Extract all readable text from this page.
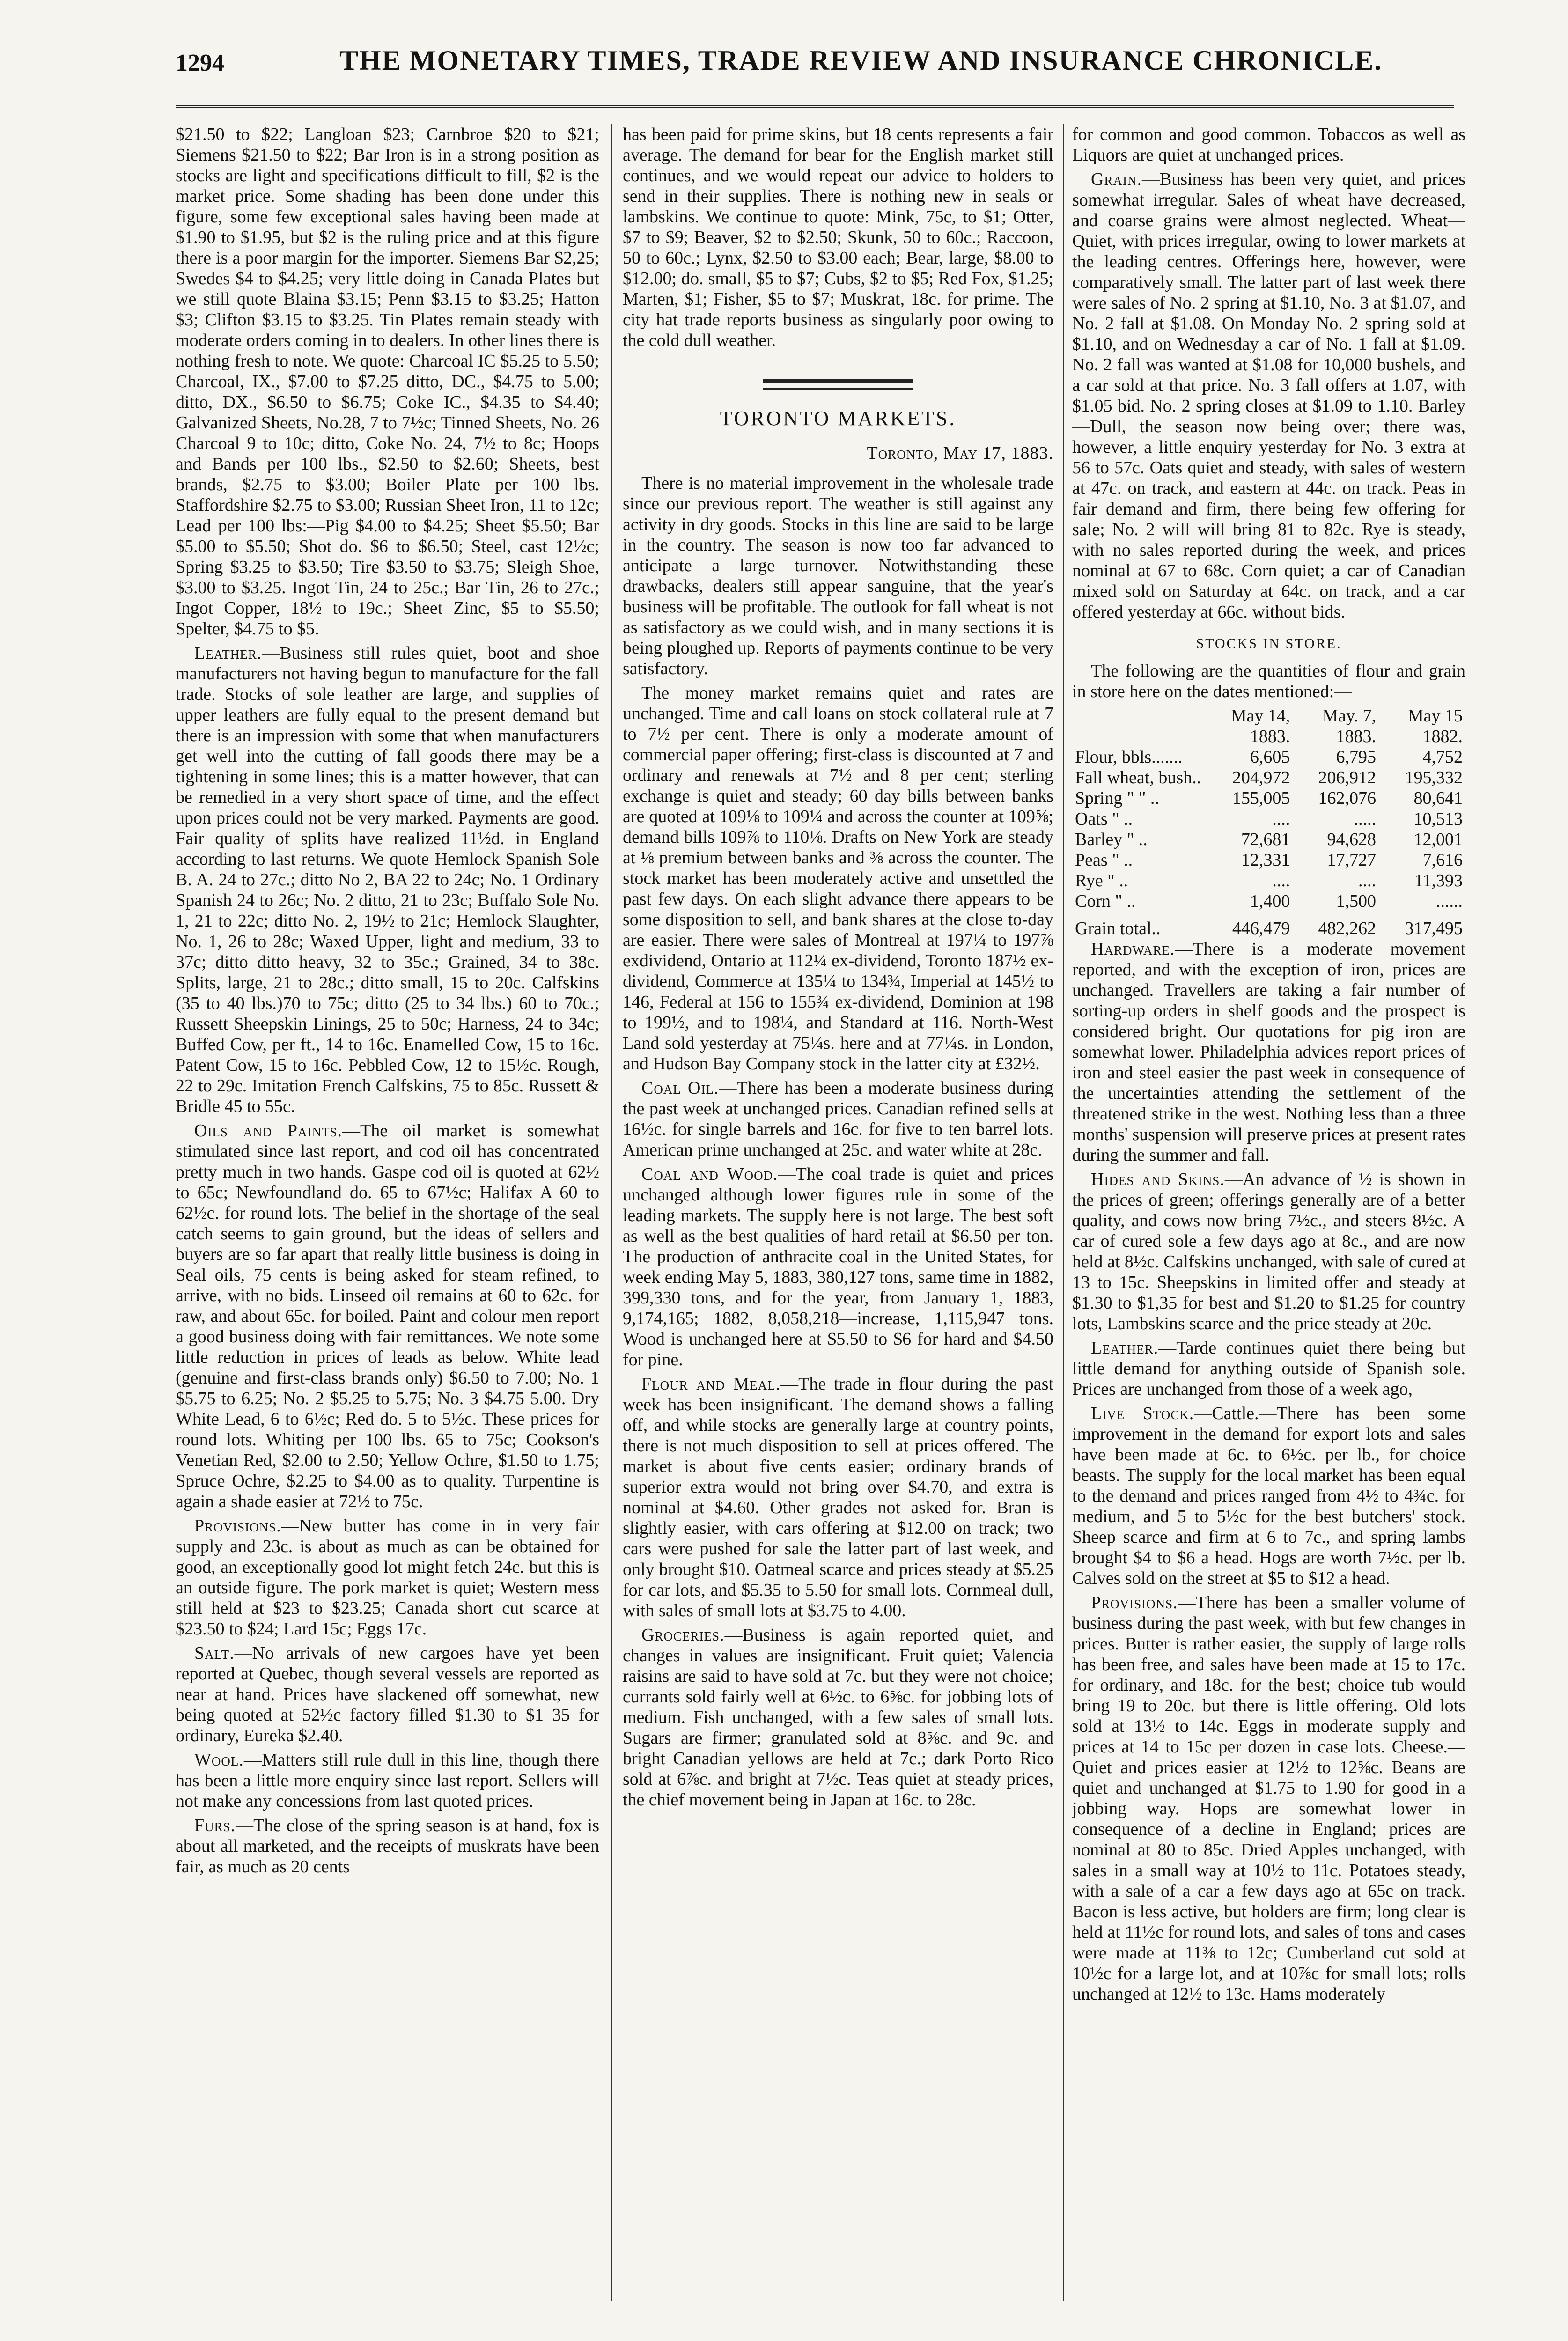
1294	THE MONETARY TIMES, TRADE REVIEW AND INSURANCE CHRONICLE.

$21.50 to $22; Langloan $23; Carnbroe $20 to $21; Siemens $21.50 to $22; Bar Iron is in a strong position as stocks are light and specifications difficult to fill, $2 is the market price. Some shading has been done under this figure, some few exceptional sales having been made at $1.90 to $1.95, but $2 is the ruling price and at this figure there is a poor margin for the importer. Siemens Bar $2,25; Swedes $4 to $4.25; very little doing in Canada Plates but we still quote Blaina $3.15; Penn $3.15 to $3.25; Hatton $3; Clifton $3.15 to $3.25. Tin Plates remain steady with moderate orders coming in to dealers. In other lines there is nothing fresh to note. We quote: Charcoal IC $5.25 to 5.50; Charcoal, IX., $7.00 to $7.25 ditto, DC., $4.75 to 5.00; ditto, DX., $6.50 to $6.75; Coke IC., $4.35 to $4.40; Galvanized Sheets, No.28, 7 to 7½c; Tinned Sheets, No. 26 Charcoal 9 to 10c; ditto, Coke No. 24, 7½ to 8c; Hoops and Bands per 100 lbs., $2.50 to $2.60; Sheets, best brands, $2.75 to $3.00; Boiler Plate per 100 lbs. Staffordshire $2.75 to $3.00; Russian Sheet Iron, 11 to 12c; Lead per 100 lbs:—Pig $4.00 to $4.25; Sheet $5.50; Bar $5.00 to $5.50; Shot do. $6 to $6.50; Steel, cast 12½c; Spring $3.25 to $3.50; Tire $3.50 to $3.75; Sleigh Shoe, $3.00 to $3.25. Ingot Tin, 24 to 25c.; Bar Tin, 26 to 27c.; Ingot Copper, 18½ to 19c.; Sheet Zinc, $5 to $5.50; Spelter, $4.75 to $5.

Leather.—Business still rules quiet, boot and shoe manufacturers not having begun to manufacture for the fall trade. Stocks of sole leather are large, and supplies of upper leathers are fully equal to the present demand but there is an impression with some that when manufacturers get well into the cutting of fall goods there may be a tightening in some lines; this is a matter however, that can be remedied in a very short space of time, and the effect upon prices could not be very marked. Payments are good. Fair quality of splits have realized 11½d. in England according to last returns. We quote Hemlock Spanish Sole B. A. 24 to 27c.; ditto No 2, BA 22 to 24c; No. 1 Ordinary Spanish 24 to 26c; No. 2 ditto, 21 to 23c; Buffalo Sole No. 1, 21 to 22c; ditto No. 2, 19½ to 21c; Hemlock Slaughter, No. 1, 26 to 28c; Waxed Upper, light and medium, 33 to 37c; ditto ditto heavy, 32 to 35c.; Grained, 34 to 38c. Splits, large, 21 to 28c.; ditto small, 15 to 20c. Calfskins (35 to 40 lbs.)70 to 75c; ditto (25 to 34 lbs.) 60 to 70c.; Russett Sheepskin Linings, 25 to 50c; Harness, 24 to 34c; Buffed Cow, per ft., 14 to 16c. Enamelled Cow, 15 to 16c. Patent Cow, 15 to 16c. Pebbled Cow, 12 to 15½c. Rough, 22 to 29c. Imitation French Calfskins, 75 to 85c. Russett & Bridle 45 to 55c.

Oils and Paints.—The oil market is somewhat stimulated since last report, and cod oil has concentrated pretty much in two hands. Gaspe cod oil is quoted at 62½ to 65c; Newfoundland do. 65 to 67½c; Halifax A 60 to 62½c. for round lots. The belief in the shortage of the seal catch seems to gain ground, but the ideas of sellers and buyers are so far apart that really little business is doing in Seal oils, 75 cents is being asked for steam refined, to arrive, with no bids. Linseed oil remains at 60 to 62c. for raw, and about 65c. for boiled. Paint and colour men report a good business doing with fair remittances. We note some little reduction in prices of leads as below. White lead (genuine and first-class brands only) $6.50 to 7.00; No. 1 $5.75 to 6.25; No. 2 $5.25 to 5.75; No. 3 $4.75 5.00. Dry White Lead, 6 to 6½c; Red do. 5 to 5½c. These prices for round lots. Whiting per 100 lbs. 65 to 75c; Cookson's Venetian Red, $2.00 to 2.50; Yellow Ochre, $1.50 to 1.75; Spruce Ochre, $2.25 to $4.00 as to quality. Turpentine is again a shade easier at 72½ to 75c.

Provisions.—New butter has come in in very fair supply and 23c. is about as much as can be obtained for good, an exceptionally good lot might fetch 24c. but this is an outside figure. The pork market is quiet; Western mess still held at $23 to $23.25; Canada short cut scarce at $23.50 to $24; Lard 15c; Eggs 17c.

Salt.—No arrivals of new cargoes have yet been reported at Quebec, though several vessels are reported as near at hand. Prices have slackened off somewhat, new being quoted at 52½c factory filled $1.30 to $1 35 for ordinary, Eureka $2.40.

Wool.—Matters still rule dull in this line, though there has been a little more enquiry since last report. Sellers will not make any concessions from last quoted prices.

Furs.—The close of the spring season is at hand, fox is about all marketed, and the receipts of muskrats have been fair, as much as 20 cents

has been paid for prime skins, but 18 cents represents a fair average. The demand for bear for the English market still continues, and we would repeat our advice to holders to send in their supplies. There is nothing new in seals or lambskins. We continue to quote: Mink, 75c, to $1; Otter, $7 to $9; Beaver, $2 to $2.50; Skunk, 50 to 60c.; Raccoon, 50 to 60c.; Lynx, $2.50 to $3.00 each; Bear, large, $8.00 to $12.00; do. small, $5 to $7; Cubs, $2 to $5; Red Fox, $1.25; Marten, $1; Fisher, $5 to $7; Muskrat, 18c. for prime. The city hat trade reports business as singularly poor owing to the cold dull weather.

TORONTO MARKETS.
Toronto, May 17, 1883.

There is no material improvement in the wholesale trade since our previous report. The weather is still against any activity in dry goods. Stocks in this line are said to be large in the country. The season is now too far advanced to anticipate a large turnover. Notwithstanding these drawbacks, dealers still appear sanguine, that the year's business will be profitable. The outlook for fall wheat is not as satisfactory as we could wish, and in many sections it is being ploughed up. Reports of payments continue to be very satisfactory.

The money market remains quiet and rates are unchanged. Time and call loans on stock collateral rule at 7 to 7½ per cent. There is only a moderate amount of commercial paper offering; first-class is discounted at 7 and ordinary and renewals at 7½ and 8 per cent; sterling exchange is quiet and steady; 60 day bills between banks are quoted at 109⅛ to 109¼ and across the counter at 109⅝; demand bills 109⅞ to 110⅛. Drafts on New York are steady at ⅛ premium between banks and ⅜ across the counter. The stock market has been moderately active and unsettled the past few days. On each slight advance there appears to be some disposition to sell, and bank shares at the close to-day are easier. There were sales of Montreal at 197¼ to 197⅞ exdividend, Ontario at 112¼ ex-dividend, Toronto 187½ ex-dividend, Commerce at 135¼ to 134¾, Imperial at 145½ to 146, Federal at 156 to 155¾ ex-dividend, Dominion at 198 to 199½, and to 198¼, and Standard at 116. North-West Land sold yesterday at 75¼s. here and at 77¼s. in London, and Hudson Bay Company stock in the latter city at £32½.

Coal Oil.—There has been a moderate business during the past week at unchanged prices. Canadian refined sells at 16½c. for single barrels and 16c. for five to ten barrel lots. American prime unchanged at 25c. and water white at 28c.

Coal and Wood.—The coal trade is quiet and prices unchanged although lower figures rule in some of the leading markets. The supply here is not large. The best soft as well as the best qualities of hard retail at $6.50 per ton. The production of anthracite coal in the United States, for week ending May 5, 1883, 380,127 tons, same time in 1882, 399,330 tons, and for the year, from January 1, 1883, 9,174,165; 1882, 8,058,218—increase, 1,115,947 tons. Wood is unchanged here at $5.50 to $6 for hard and $4.50 for pine.

Flour and Meal.—The trade in flour during the past week has been insignificant. The demand shows a falling off, and while stocks are generally large at country points, there is not much disposition to sell at prices offered. The market is about five cents easier; ordinary brands of superior extra would not bring over $4.70, and extra is nominal at $4.60. Other grades not asked for. Bran is slightly easier, with cars offering at $12.00 on track; two cars were pushed for sale the latter part of last week, and only brought $10. Oatmeal scarce and prices steady at $5.25 for car lots, and $5.35 to 5.50 for small lots. Cornmeal dull, with sales of small lots at $3.75 to 4.00.

Groceries.—Business is again reported quiet, and changes in values are insignificant. Fruit quiet; Valencia raisins are said to have sold at 7c. but they were not choice; currants sold fairly well at 6½c. to 6⅝c. for jobbing lots of medium. Fish unchanged, with a few sales of small lots. Sugars are firmer; granulated sold at 8⅝c. and 9c. and bright Canadian yellows are held at 7c.; dark Porto Rico sold at 6⅞c. and bright at 7½c. Teas quiet at steady prices, the chief movement being in Japan at 16c. to 28c.

for common and good common. Tobaccos as well as Liquors are quiet at unchanged prices.

Grain.—Business has been very quiet, and prices somewhat irregular. Sales of wheat have decreased, and coarse grains were almost neglected. Wheat—Quiet, with prices irregular, owing to lower markets at the leading centres. Offerings here, however, were comparatively small. The latter part of last week there were sales of No. 2 spring at $1.10, No. 3 at $1.07, and No. 2 fall at $1.08. On Monday No. 2 spring sold at $1.10, and on Wednesday a car of No. 1 fall at $1.09. No. 2 fall was wanted at $1.08 for 10,000 bushels, and a car sold at that price. No. 3 fall offers at 1.07, with $1.05 bid. No. 2 spring closes at $1.09 to 1.10. Barley—Dull, the season now being over; there was, however, a little enquiry yesterday for No. 3 extra at 56 to 57c. Oats quiet and steady, with sales of western at 47c. on track, and eastern at 44c. on track. Peas in fair demand and firm, there being few offering for sale; No. 2 will will bring 81 to 82c. Rye is steady, with no sales reported during the week, and prices nominal at 67 to 68c. Corn quiet; a car of Canadian mixed sold on Saturday at 64c. on track, and a car offered yesterday at 66c. without bids.

STOCKS IN STORE.

The following are the quantities of flour and grain in store here on the dates mentioned:—

	May 14, 1883.	May. 7, 1883.	May 15 1882.
Flour, bbls.......	6,605	6,795	4,752
Fall wheat, bush..	204,972	206,912	195,332
Spring " " ..	155,005	162,076	80,641
Oats " ..	....	.....	10,513
Barley " ..	72,681	94,628	12,001
Peas " ..	12,331	17,727	7,616
Rye " ..	....	....	11,393
Corn " ..	1,400	1,500	......
Grain total..	446,479	482,262	317,495

Hardware.—There is a moderate movement reported, and with the exception of iron, prices are unchanged. Travellers are taking a fair number of sorting-up orders in shelf goods and the prospect is considered bright. Our quotations for pig iron are somewhat lower. Philadelphia advices report prices of iron and steel easier the past week in consequence of the uncertainties attending the settlement of the threatened strike in the west. Nothing less than a three months' suspension will preserve prices at present rates during the summer and fall.

Hides and Skins.—An advance of ½ is shown in the prices of green; offerings generally are of a better quality, and cows now bring 7½c., and steers 8½c. A car of cured sole a few days ago at 8c., and are now held at 8½c. Calfskins unchanged, with sale of cured at 13 to 15c. Sheepskins in limited offer and steady at $1.30 to $1,35 for best and $1.20 to $1.25 for country lots, Lambskins scarce and the price steady at 20c.

Leather.—Tarde continues quiet there being but little demand for anything outside of Spanish sole. Prices are unchanged from those of a week ago,

Live Stock.—Cattle.—There has been some improvement in the demand for export lots and sales have been made at 6c. to 6½c. per lb., for choice beasts. The supply for the local market has been equal to the demand and prices ranged from 4½ to 4¾c. for medium, and 5 to 5½c for the best butchers' stock. Sheep scarce and firm at 6 to 7c., and spring lambs brought $4 to $6 a head. Hogs are worth 7½c. per lb. Calves sold on the street at $5 to $12 a head.

Provisions.—There has been a smaller volume of business during the past week, with but few changes in prices. Butter is rather easier, the supply of large rolls has been free, and sales have been made at 15 to 17c. for ordinary, and 18c. for the best; choice tub would bring 19 to 20c. but there is little offering. Old lots sold at 13½ to 14c. Eggs in moderate supply and prices at 14 to 15c per dozen in case lots. Cheese.—Quiet and prices easier at 12½ to 12⅝c. Beans are quiet and unchanged at $1.75 to 1.90 for good in a jobbing way. Hops are somewhat lower in consequence of a decline in England; prices are nominal at 80 to 85c. Dried Apples unchanged, with sales in a small way at 10½ to 11c. Potatoes steady, with a sale of a car a few days ago at 65c on track. Bacon is less active, but holders are firm; long clear is held at 11½c for round lots, and sales of tons and cases were made at 11⅜ to 12c; Cumberland cut sold at 10½c for a large lot, and at 10⅞c for small lots; rolls unchanged at 12½ to 13c. Hams moderately
